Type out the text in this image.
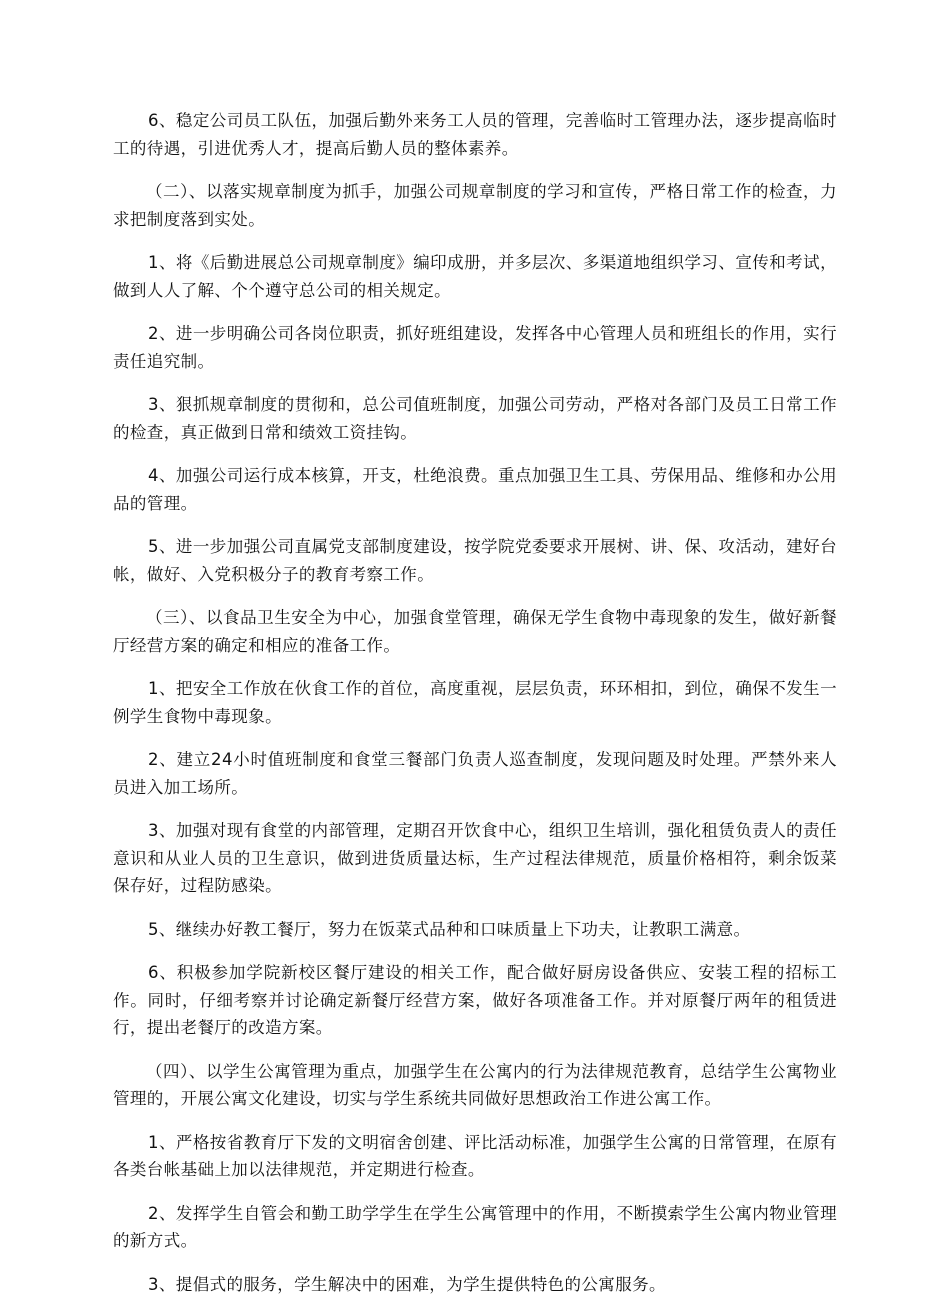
6、稳定公司员工队伍，加强后勤外来务工人员的管理，完善临时工管理办法，逐步提高临时工的待遇，引进优秀人才，提高后勤人员的整体素养。

（二）、以落实规章制度为抓手，加强公司规章制度的学习和宣传，严格日常工作的检查，力求把制度落到实处。

1、将《后勤进展总公司规章制度》编印成册，并多层次、多渠道地组织学习、宣传和考试，做到人人了解、个个遵守总公司的相关规定。

2、进一步明确公司各岗位职责，抓好班组建设，发挥各中心管理人员和班组长的作用，实行责任追究制。

3、狠抓规章制度的贯彻和，总公司值班制度，加强公司劳动，严格对各部门及员工日常工作的检查，真正做到日常和绩效工资挂钩。

4、加强公司运行成本核算，开支，杜绝浪费。重点加强卫生工具、劳保用品、维修和办公用品的管理。

5、进一步加强公司直属党支部制度建设，按学院党委要求开展树、讲、保、攻活动，建好台帐，做好、入党积极分子的教育考察工作。

（三）、以食品卫生安全为中心，加强食堂管理，确保无学生食物中毒现象的发生，做好新餐厅经营方案的确定和相应的准备工作。

1、把安全工作放在伙食工作的首位，高度重视，层层负责，环环相扣，到位，确保不发生一例学生食物中毒现象。

2、建立24小时值班制度和食堂三餐部门负责人巡查制度，发现问题及时处理。严禁外来人员进入加工场所。

3、加强对现有食堂的内部管理，定期召开饮食中心，组织卫生培训，强化租赁负责人的责任意识和从业人员的卫生意识，做到进货质量达标，生产过程法律规范，质量价格相符，剩余饭菜保存好，过程防感染。

5、继续办好教工餐厅，努力在饭菜式品种和口味质量上下功夫，让教职工满意。

6、积极参加学院新校区餐厅建设的相关工作，配合做好厨房设备供应、安装工程的招标工作。同时，仔细考察并讨论确定新餐厅经营方案，做好各项准备工作。并对原餐厅两年的租赁进行，提出老餐厅的改造方案。

（四）、以学生公寓管理为重点，加强学生在公寓内的行为法律规范教育，总结学生公寓物业管理的，开展公寓文化建设，切实与学生系统共同做好思想政治工作进公寓工作。

1、严格按省教育厅下发的文明宿舍创建、评比活动标准，加强学生公寓的日常管理，在原有各类台帐基础上加以法律规范，并定期进行检查。

2、发挥学生自管会和勤工助学学生在学生公寓管理中的作用，不断摸索学生公寓内物业管理的新方式。

3、提倡式的服务，学生解决中的困难，为学生提供特色的公寓服务。
